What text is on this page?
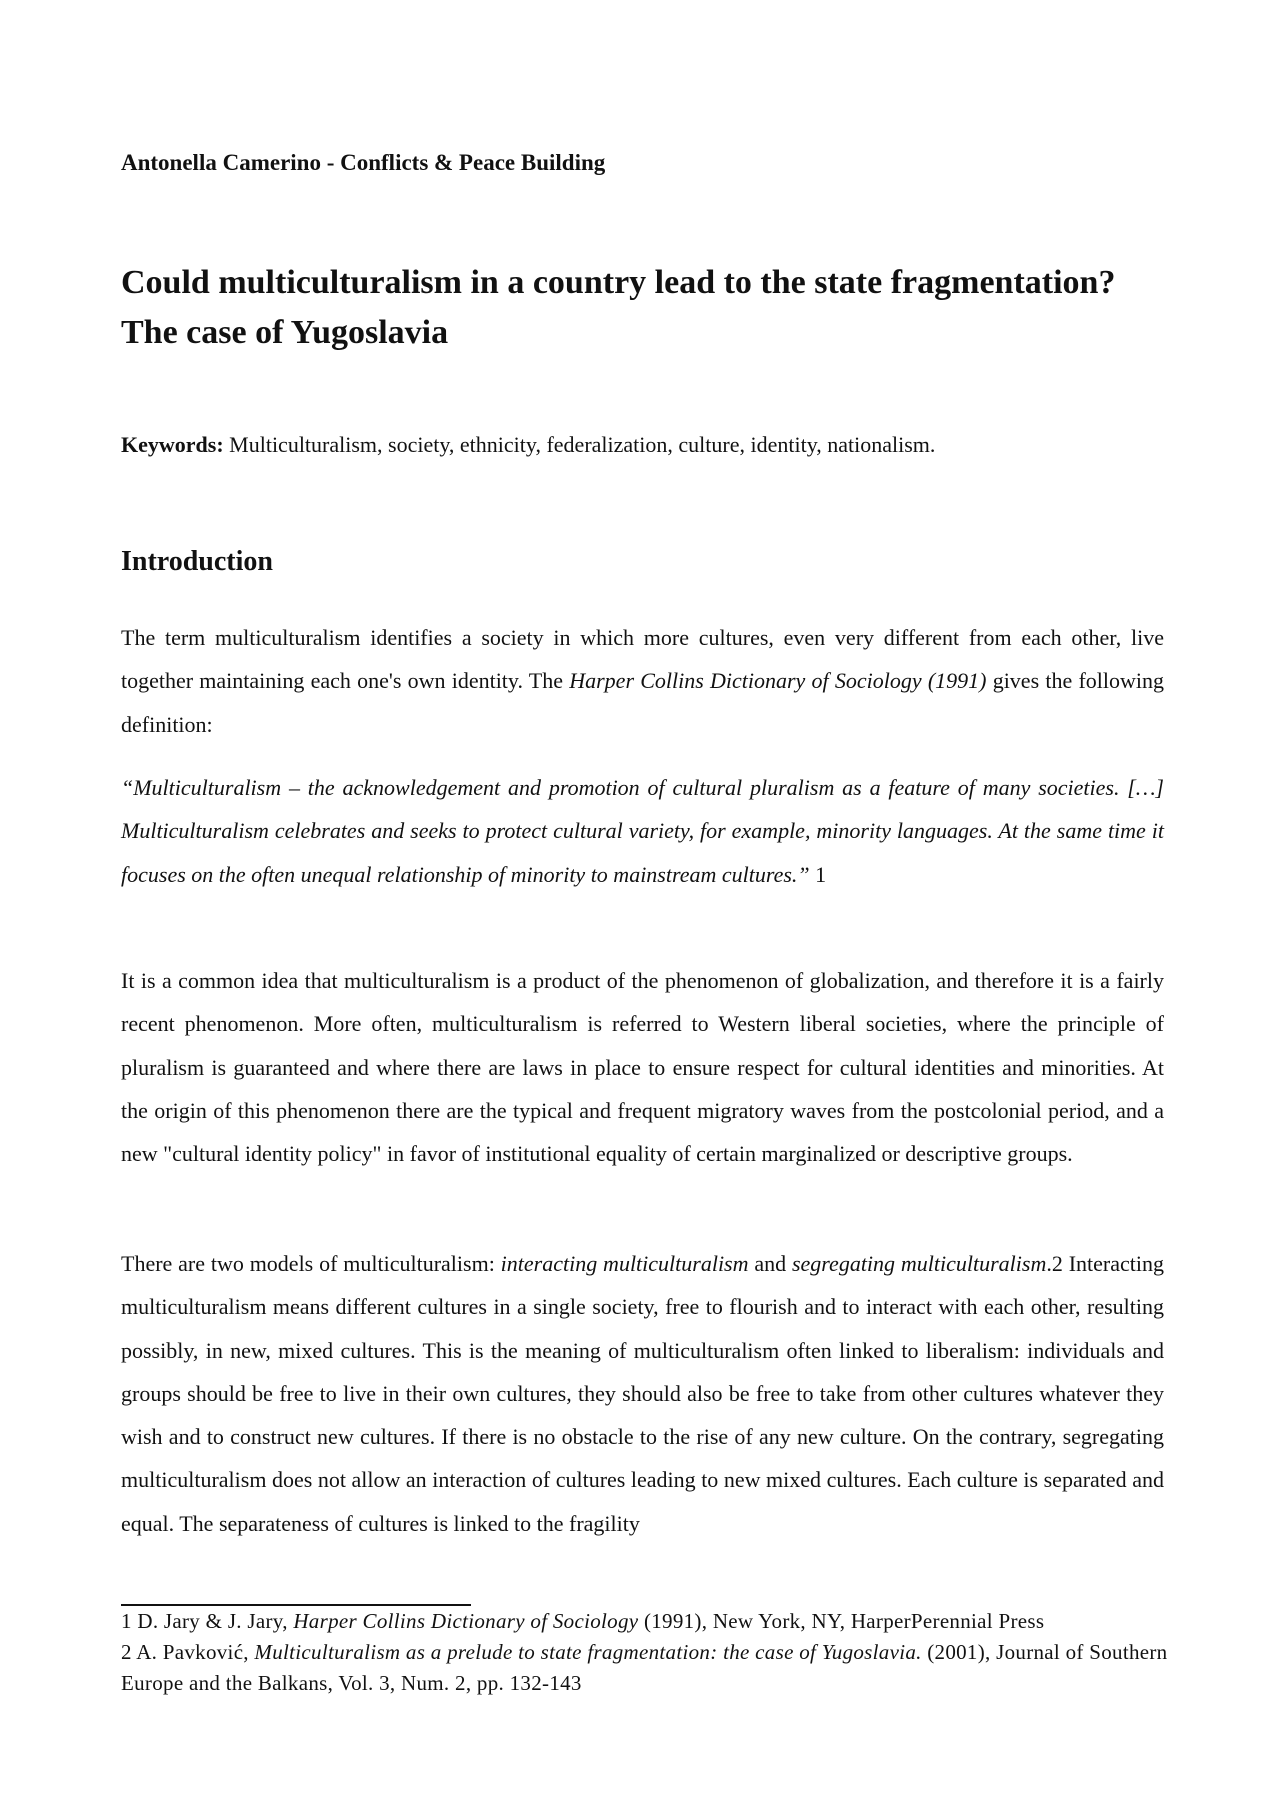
Antonella Camerino - Conflicts & Peace Building
Could multiculturalism in a country lead to the state fragmentation? The case of Yugoslavia
Keywords: Multiculturalism, society, ethnicity, federalization, culture, identity, nationalism.
Introduction

The term multiculturalism identifies a society in which more cultures, even very different from each other, live together maintaining each one's own identity. The Harper Collins Dictionary of Sociology (1991) gives the following definition:

“Multiculturalism – the acknowledgement and promotion of cultural pluralism as a feature of many societies. […] Multiculturalism celebrates and seeks to protect cultural variety, for example, minority languages. At the same time it focuses on the often unequal relationship of minority to mainstream cultures.” 1

It is a common idea that multiculturalism is a product of the phenomenon of globalization, and therefore it is a fairly recent phenomenon. More often, multiculturalism is referred to Western liberal societies, where the principle of pluralism is guaranteed and where there are laws in place to ensure respect for cultural identities and minorities. At the origin of this phenomenon there are the typical and frequent migratory waves from the postcolonial period, and a new "cultural identity policy" in favor of institutional equality of certain marginalized or descriptive groups.

There are two models of multiculturalism: interacting multiculturalism and segregating multiculturalism.2 Interacting multiculturalism means different cultures in a single society, free to flourish and to interact with each other, resulting possibly, in new, mixed cultures. This is the meaning of multiculturalism often linked to liberalism: individuals and groups should be free to live in their own cultures, they should also be free to take from other cultures whatever they wish and to construct new cultures. If there is no obstacle to the rise of any new culture. On the contrary, segregating multiculturalism does not allow an interaction of cultures leading to new mixed cultures. Each culture is separated and equal. The separateness of cultures is linked to the fragility

1 D. Jary & J. Jary, Harper Collins Dictionary of Sociology (1991), New York, NY, HarperPerennial Press
2 A. Pavković, Multiculturalism as a prelude to state fragmentation: the case of Yugoslavia. (2001), Journal of Southern Europe and the Balkans, Vol. 3, Num. 2, pp. 132-143
